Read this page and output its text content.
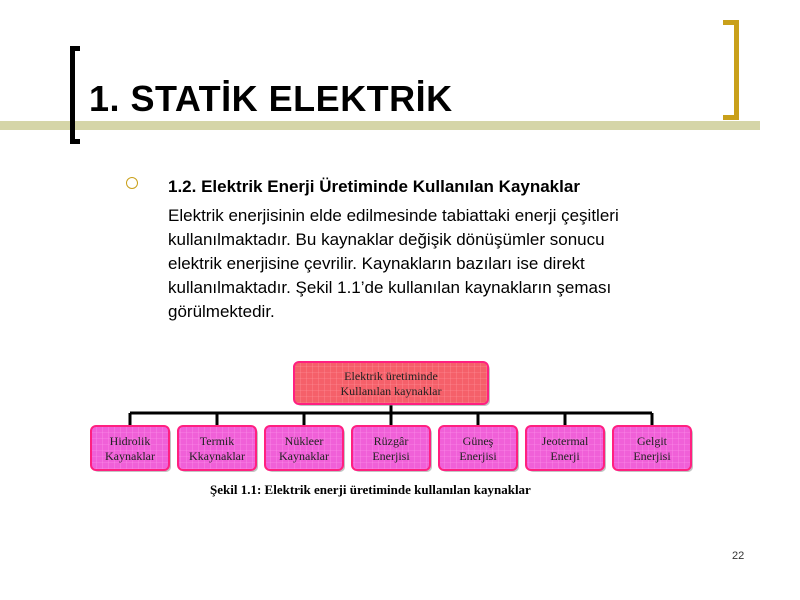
1. STATİK ELEKTRİK
1.2. Elektrik Enerji Üretiminde Kullanılan Kaynaklar
Elektrik enerjisinin elde edilmesinde tabiattaki enerji çeşitleri
kullanılmaktadır. Bu kaynaklar değişik dönüşümler sonucu
elektrik enerjisine çevrilir. Kaynakların bazıları ise direkt
kullanılmaktadır. Şekil 1.1’de kullanılan kaynakların şeması
görülmektedir.
Elektrik üretiminde
Kullanılan kaynaklar
Hidrolik
Kaynaklar
Termik
Kkaynaklar
Nükleer
Kaynaklar
Rüzgâr
Enerjisi
Güneş
Enerjisi
Jeotermal
Enerji
Gelgit
Enerjisi
Şekil 1.1: Elektrik enerji üretiminde kullanılan kaynaklar
22
